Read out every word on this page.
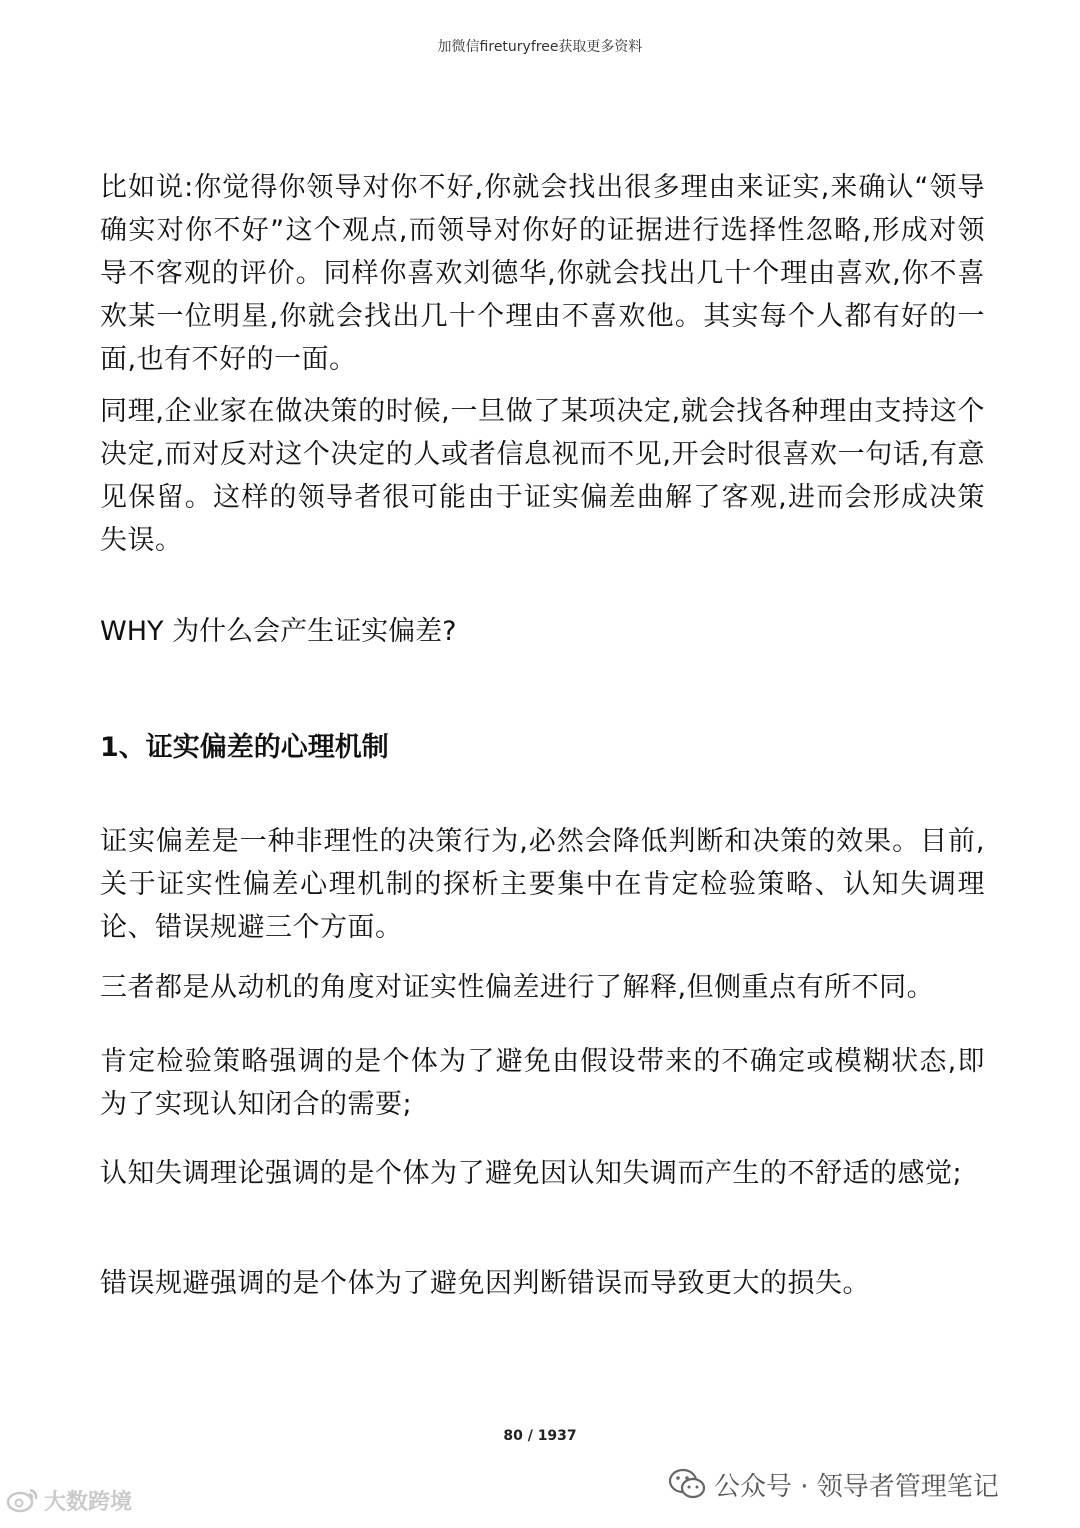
加微信fireturyfree获取更多资料

比如说:你觉得你领导对你不好,你就会找出很多理由来证实,来确认“领导确实对你不好”这个观点,而领导对你好的证据进行选择性忽略,形成对领导不客观的评价。同样你喜欢刘德华,你就会找出几十个理由喜欢,你不喜欢某一位明星,你就会找出几十个理由不喜欢他。其实每个人都有好的一面,也有不好的一面。

同理,企业家在做决策的时候,一旦做了某项决定,就会找各种理由支持这个决定,而对反对这个决定的人或者信息视而不见,开会时很喜欢一句话,有意见保留。这样的领导者很可能由于证实偏差曲解了客观,进而会形成决策失误。

WHY 为什么会产生证实偏差?
1、证实偏差的心理机制

证实偏差是一种非理性的决策行为,必然会降低判断和决策的效果。目前,关于证实性偏差心理机制的探析主要集中在肯定检验策略、认知失调理论、错误规避三个方面。

三者都是从动机的角度对证实性偏差进行了解释,但侧重点有所不同。

肯定检验策略强调的是个体为了避免由假设带来的不确定或模糊状态,即为了实现认知闭合的需要;

认知失调理论强调的是个体为了避免因认知失调而产生的不舒适的感觉;

错误规避强调的是个体为了避免因判断错误而导致更大的损失。

80 / 1937
公众号 · 领导者管理笔记
大数跨境
